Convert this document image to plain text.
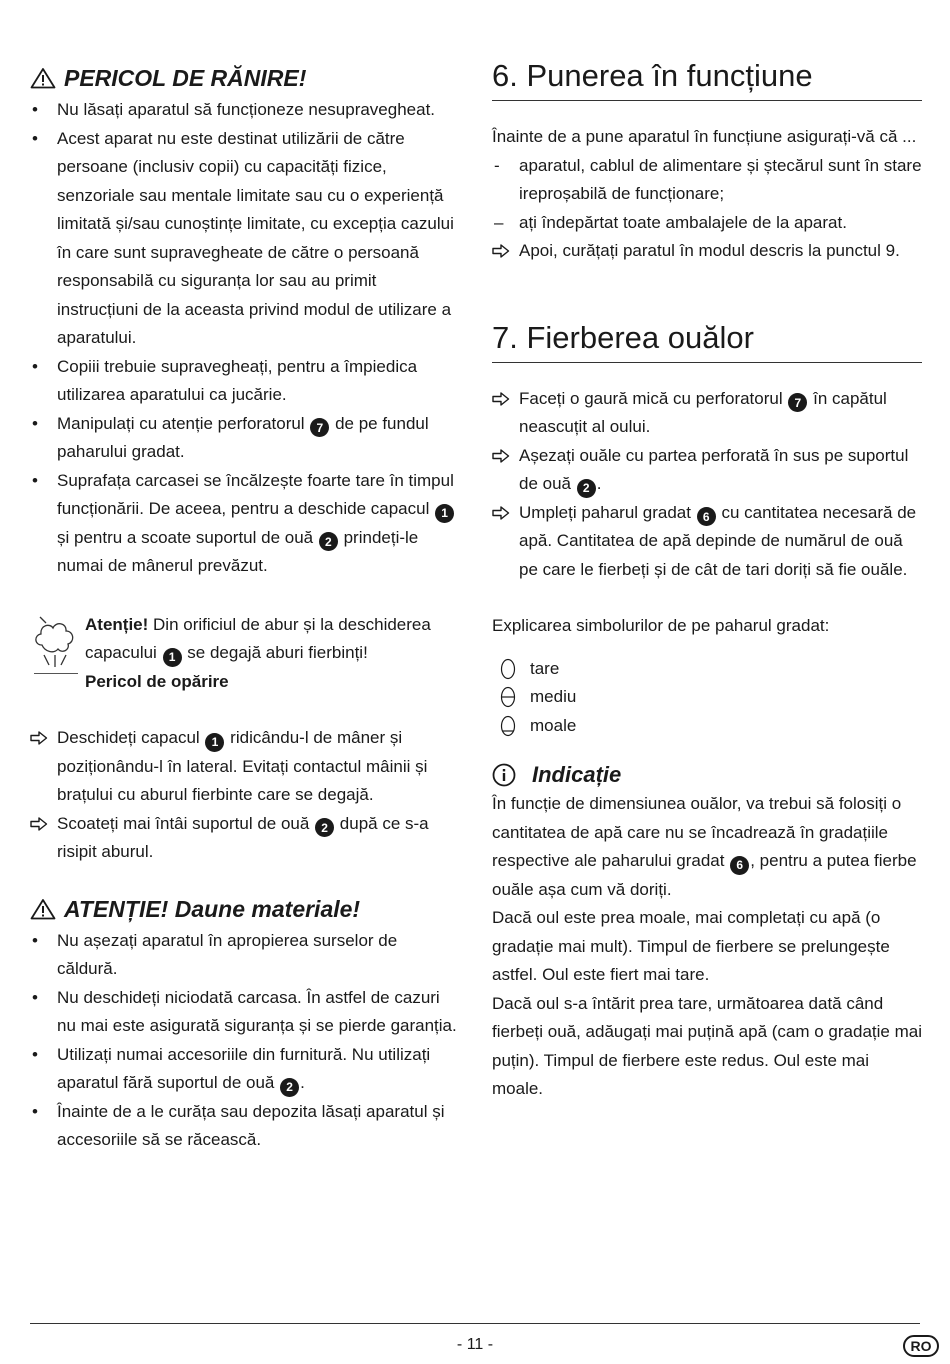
PERICOL DE RĂNIRE!
• Nu lăsați aparatul să funcționeze nesupravegheat.
• Acest aparat nu este destinat utilizării de către persoane (inclusiv copii) cu capacități fizice, senzoriale sau mentale limitate sau cu o experiență limitată și/sau cunoștințe limitate, cu excepția cazului în care sunt supravegheate de către o persoană responsabilă cu siguranța lor sau au primit instrucțiuni de la aceasta privind modul de utilizare a aparatului.
• Copiii trebuie supravegheați, pentru a împiedica utilizarea aparatului ca jucărie.
• Manipulați cu atenție perforatorul 7 de pe fundul paharului gradat.
• Suprafața carcasei se încălzește foarte tare în timpul funcționării. De aceea, pentru a deschide capacul 1 și pentru a scoate suportul de ouă 2 prindeți-le numai de mânerul prevăzut.
Atenție! Din orificiul de abur și la deschiderea capacului 1 se degajă aburi fierbinți!
Pericol de opărire
Deschideți capacul 1 ridicându-l de mâner și poziționându-l în lateral. Evitați contactul mâinii și brațului cu aburul fierbinte care se degajă.
Scoateți mai întâi suportul de ouă 2 după ce s-a risipit aburul.
ATENȚIE! Daune materiale!
• Nu așezați aparatul în apropierea surselor de căldură.
• Nu deschideți niciodată carcasa. În astfel de cazuri nu mai este asigurată siguranța și se pierde garanția.
• Utilizați numai accesoriile din furnitură. Nu utilizați aparatul fără suportul de ouă 2 .
• Înainte de a le curăța sau depozita lăsați aparatul și accesoriile să se răcească.
6. Punerea în funcțiune

Înainte de a pune aparatul în funcțiune asigurați-vă că ...

- aparatul, cablul de alimentare și ștecărul sunt în stare ireproșabilă de funcționare;
– ați îndepărtat toate ambalajele de la aparat.
Apoi, curățați paratul în modul descris la punctul 9.
7. Fierberea ouălor
Faceți o gaură mică cu perforatorul 7 în capătul neascuțit al oului.
Așezați ouăle cu partea perforată în sus pe suportul de ouă 2 .
Umpleți paharul gradat 6 cu cantitatea necesară de apă. Cantitatea de apă depinde de numărul de ouă pe care le fierbeți și de cât de tari doriți să fie ouăle.

Explicarea simbolurilor de pe paharul gradat:

tare
mediu
moale
Indicație

În funcție de dimensiunea ouălor, va trebui să folosiți o cantitatea de apă care nu se încadrează în gradațiile respective ale paharului gradat 6 , pentru a putea fierbe ouăle așa cum vă doriți.

Dacă oul este prea moale, mai completați cu apă (o gradație mai mult). Timpul de fierbere se prelungește astfel. Oul este fiert mai tare.

Dacă oul s-a întărit prea tare, următoarea dată când fierbeți ouă, adăugați mai puțină apă (cam o gradație mai puțin). Timpul de fierbere este redus. Oul este mai moale.

- 11 -	RO
